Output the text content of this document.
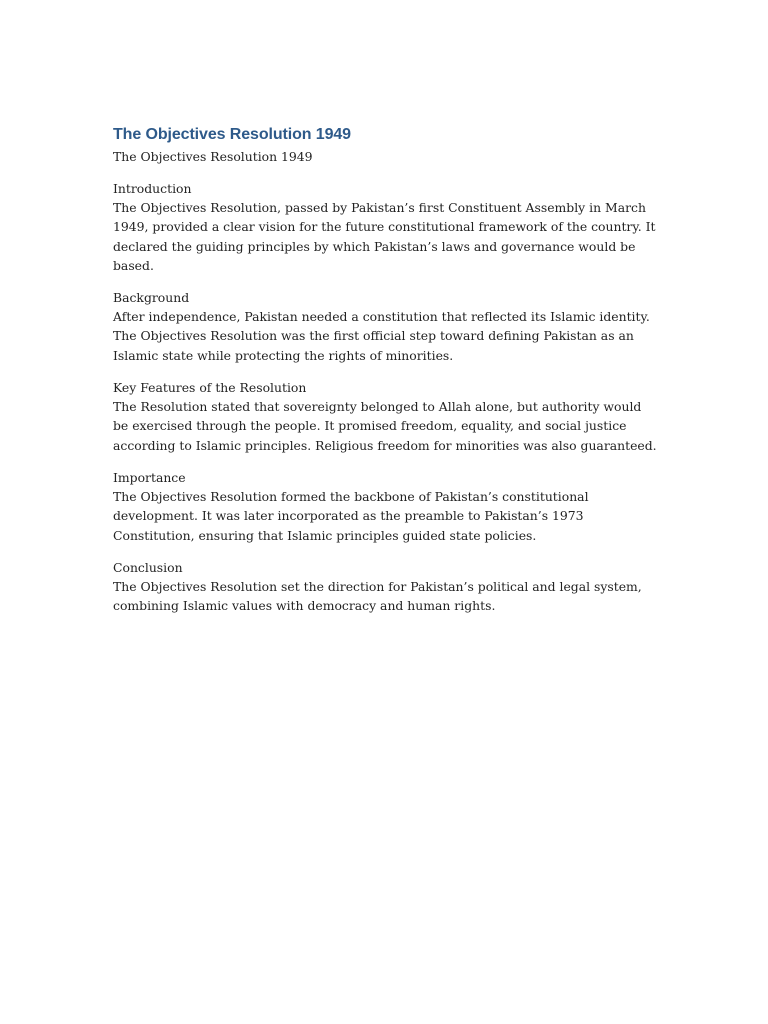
The Objectives Resolution 1949

The Objectives Resolution 1949

Introduction

The Objectives Resolution, passed by Pakistan’s first Constituent Assembly in March 1949, provided a clear vision for the future constitutional framework of the country. It declared the guiding principles by which Pakistan’s laws and governance would be based.

Background

After independence, Pakistan needed a constitution that reflected its Islamic identity. The Objectives Resolution was the first official step toward defining Pakistan as an Islamic state while protecting the rights of minorities.

Key Features of the Resolution

The Resolution stated that sovereignty belonged to Allah alone, but authority would be exercised through the people. It promised freedom, equality, and social justice according to Islamic principles. Religious freedom for minorities was also guaranteed.

Importance

The Objectives Resolution formed the backbone of Pakistan’s constitutional development. It was later incorporated as the preamble to Pakistan’s 1973 Constitution, ensuring that Islamic principles guided state policies.

Conclusion

The Objectives Resolution set the direction for Pakistan’s political and legal system, combining Islamic values with democracy and human rights.
